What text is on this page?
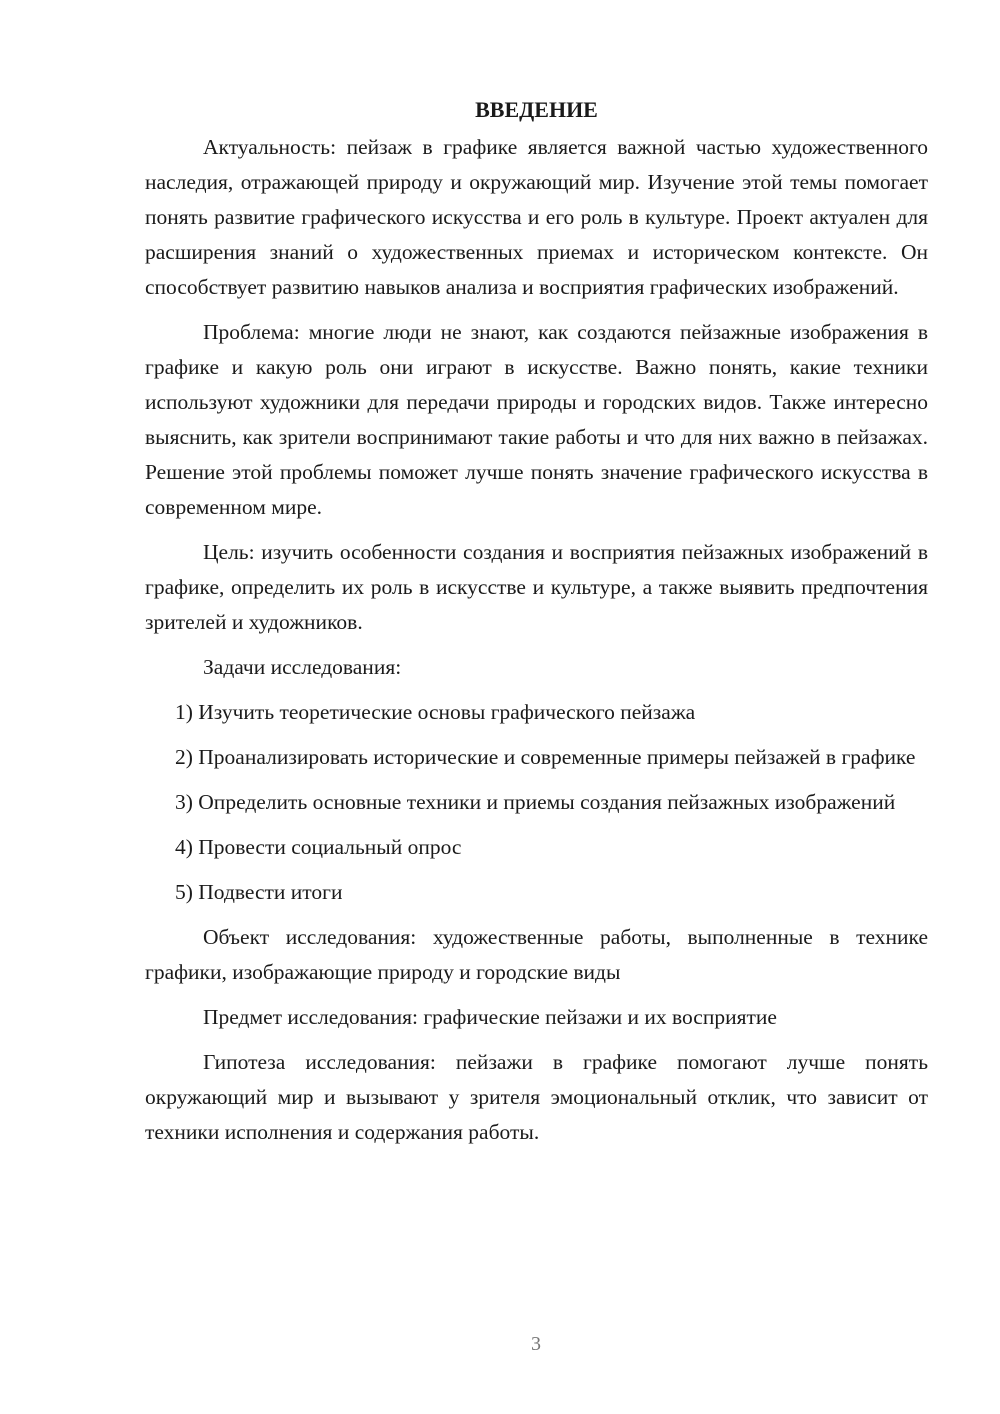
ВВЕДЕНИЕ

Актуальность: пейзаж в графике является важной частью художественного наследия, отражающей природу и окружающий мир. Изучение этой темы помогает понять развитие графического искусства и его роль в культуре. Проект актуален для расширения знаний о художественных приемах и историческом контексте. Он способствует развитию навыков анализа и восприятия графических изображений.

Проблема: многие люди не знают, как создаются пейзажные изображения в графике и какую роль они играют в искусстве. Важно понять, какие техники используют художники для передачи природы и городских видов. Также интересно выяснить, как зрители воспринимают такие работы и что для них важно в пейзажах. Решение этой проблемы поможет лучше понять значение графического искусства в современном мире.

Цель: изучить особенности создания и восприятия пейзажных изображений в графике, определить их роль в искусстве и культуре, а также выявить предпочтения зрителей и художников.

Задачи исследования:

1) Изучить теоретические основы графического пейзажа

2) Проанализировать исторические и современные примеры пейзажей в графике

3) Определить основные техники и приемы создания пейзажных изображений

4) Провести социальный опрос

5) Подвести итоги

Объект исследования: художественные работы, выполненные в технике графики, изображающие природу и городские виды

Предмет исследования: графические пейзажи и их восприятие

Гипотеза исследования: пейзажи в графике помогают лучше понять окружающий мир и вызывают у зрителя эмоциональный отклик, что зависит от техники исполнения и содержания работы.

3
